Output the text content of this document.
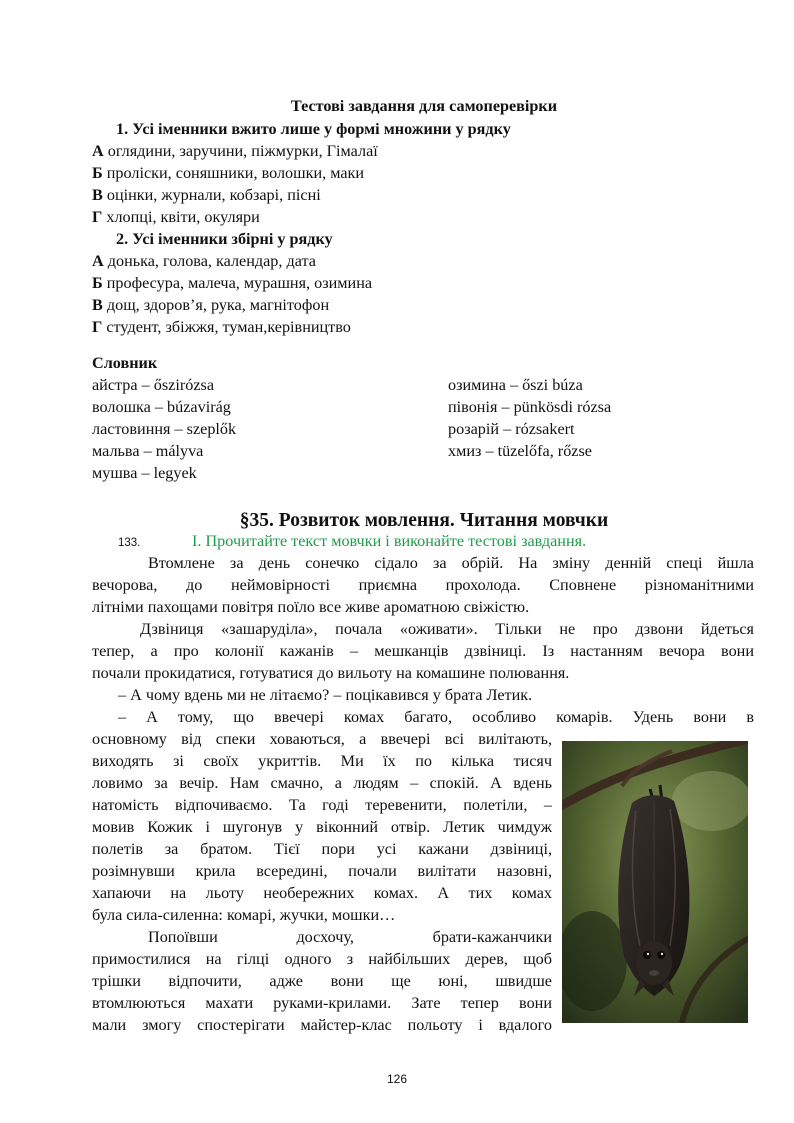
Тестові завдання для самоперевірки
1. Усі іменники вжито лише у формі множини у рядку
А оглядини, заручини, піжмурки, Гімалаї
Б проліски, соняшники, волошки, маки
В оцінки, журнали, кобзарі, пісні
Г хлопці, квіти, окуляри
2. Усі іменники збірні у рядку
А донька, голова, календар, дата
Б професура, малеча, мурашня, озимина
В дощ, здоров’я, рука, магнітофон
Г студент, збіжжя, туман,керівництво
Словник
айстра – őszirózsa
волошка – búzavirág
ластовиння – szeplők
мальва – mályva
мушва – legyek
озимина – őszi búza
півонія – pünkösdi rózsa
розарій – rózsakert
хмиз – tüzelőfa, rőzse
§35. Розвиток мовлення. Читання мовчки
133.	І. Прочитайте текст мовчки і виконайте тестові завдання.
Втомлене за день сонечко сідало за обрій. На зміну денній спеці йшла
вечорова, до неймовірності приємна прохолода. Сповнене різноманітними
літніми пахощами повітря поїло все живе ароматною свіжістю.
Дзвіниця «зашаруділа», почала «оживати». Тільки не про дзвони йдеться
тепер, а про колонії кажанів – мешканців дзвіниці. Із настанням вечора вони
почали прокидатися, готуватися до вильоту на комашине полювання.
– А чому вдень ми не літаємо? – поцікавився у брата Летик.
– А тому, що ввечері комах багато, особливо комарів. Удень вони в
основному від спеки ховаються, а ввечері всі вилітають,
виходять зі своїх укриттів. Ми їх по кілька тисяч
ловимо за вечір. Нам смачно, а людям – спокій. А вдень
натомість відпочиваємо. Та годі теревенити, полетіли, –
мовив Кожик і шугонув у віконний отвір. Летик чимдуж
полетів за братом. Тієї пори усі кажани дзвіниці,
розімнувши крила всередині, почали вилітати назовні,
хапаючи на льоту необережних комах. А тих комах
була сила-силенна: комарі, жучки, мошки…
Попоївши досхочу, брати-кажанчики
примостилися на гілці одного з найбільших дерев, щоб
трішки відпочити, адже вони ще юні, швидше
втомлюються махати руками-крилами. Зате тепер вони
мали змогу спостерігати майстер-клас польоту і вдалого
126
